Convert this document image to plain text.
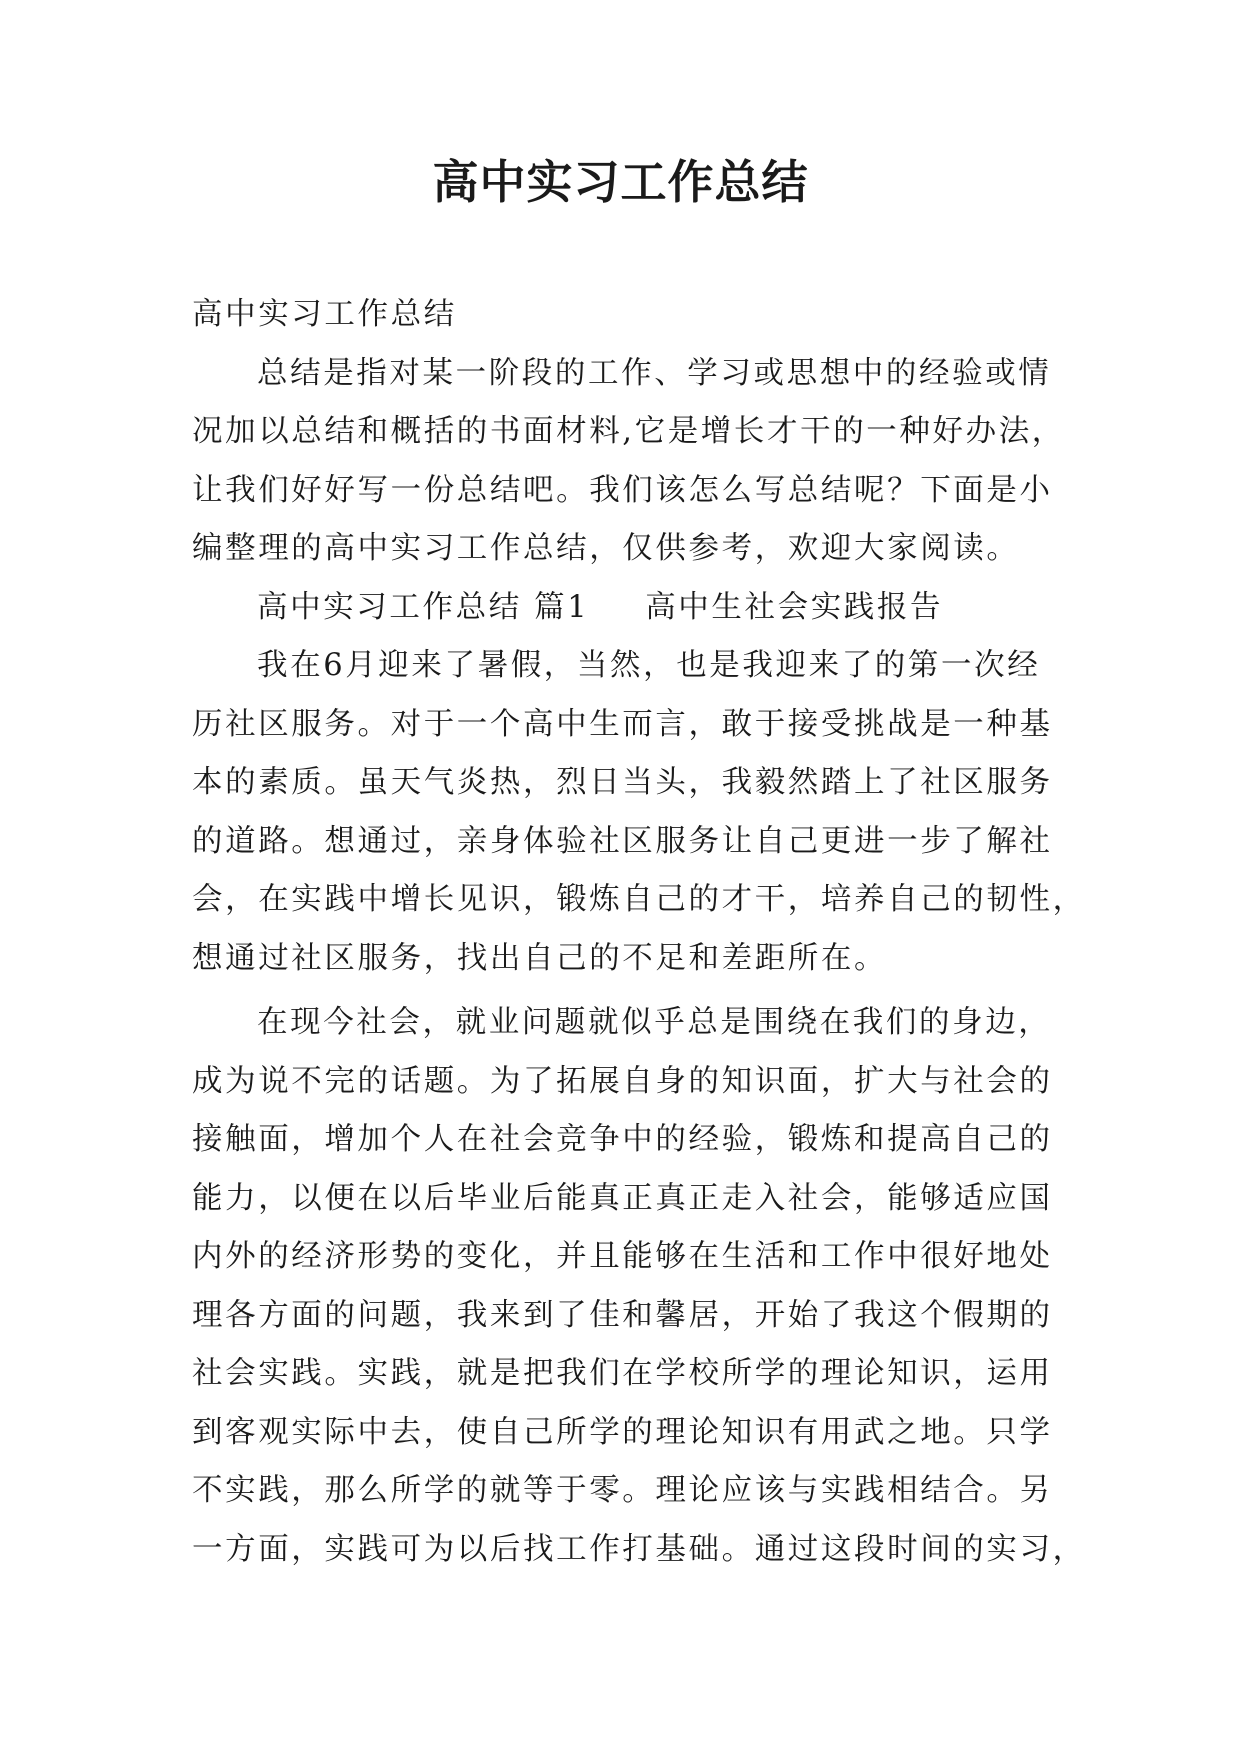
高中实习工作总结
高中实习工作总结
总结是指对某一阶段的工作、学习或思想中的经验或情
况加以总结和概括的书面材料,它是增长才干的一种好办法，
让我们好好写一份总结吧。我们该怎么写总结呢？下面是小
编整理的高中实习工作总结，仅供参考，欢迎大家阅读。
高中实习工作总结 篇1 高中生社会实践报告
我在6月迎来了暑假，当然，也是我迎来了的第一次经
历社区服务。对于一个高中生而言，敢于接受挑战是一种基
本的素质。虽天气炎热，烈日当头，我毅然踏上了社区服务
的道路。想通过，亲身体验社区服务让自己更进一步了解社
会，在实践中增长见识，锻炼自己的才干，培养自己的韧性，
想通过社区服务，找出自己的不足和差距所在。
在现今社会，就业问题就似乎总是围绕在我们的身边，
成为说不完的话题。为了拓展自身的知识面，扩大与社会的
接触面，增加个人在社会竞争中的经验，锻炼和提高自己的
能力，以便在以后毕业后能真正真正走入社会，能够适应国
内外的经济形势的变化，并且能够在生活和工作中很好地处
理各方面的问题，我来到了佳和馨居，开始了我这个假期的
社会实践。实践，就是把我们在学校所学的理论知识，运用
到客观实际中去，使自己所学的理论知识有用武之地。只学
不实践，那么所学的就等于零。理论应该与实践相结合。另
一方面，实践可为以后找工作打基础。通过这段时间的实习，
